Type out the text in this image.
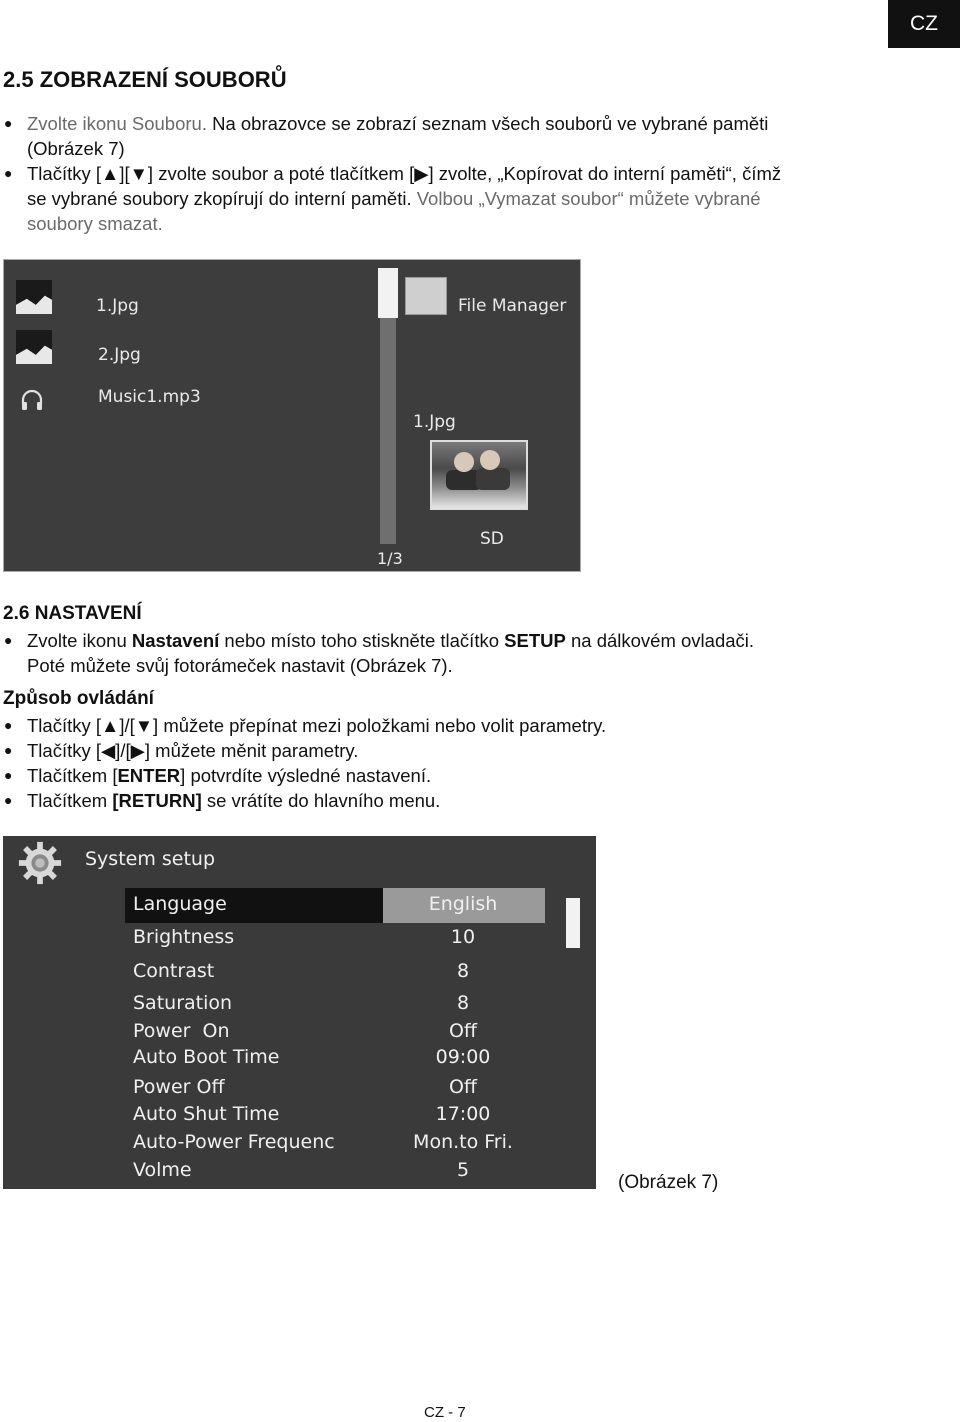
CZ
2.5 ZOBRAZENÍ SOUBORŮ
● Zvolte ikonu Souboru. Na obrazovce se zobrazí seznam všech souborů ve vybrané paměti
(Obrázek 7)
● Tlačítky [▲][▼] zvolte soubor a poté tlačítkem [▶] zvolte, „Kopírovat do interní paměti“, čímž
se vybrané soubory zkopírují do interní paměti. Volbou „Vymazat soubor“ můžete vybrané
soubory smazat.
1.Jpg
2.Jpg
Music1.mp3
File Manager
1.Jpg
SD
1/3
2.6 NASTAVENÍ
● Zvolte ikonu Nastavení nebo místo toho stiskněte tlačítko SETUP na dálkovém ovladači.
Poté můžete svůj fotorámeček nastavit (Obrázek 7).
Způsob ovládání
● Tlačítky [▲]/[▼] můžete přepínat mezi položkami nebo volit parametry.
● Tlačítky [◀]/[▶] můžete měnit parametry.
● Tlačítkem [ENTER] potvrdíte výsledné nastavení.
● Tlačítkem [RETURN] se vrátíte do hlavního menu.
System setup
Language	English
Brightness	10
Contrast	8
Saturation	8
Power  On	Off
Auto Boot Time	09:00
Power Off	Off
Auto Shut Time	17:00
Auto-Power Frequenc	Mon.to Fri.
Volme	5
(Obrázek 7)
CZ - 7
